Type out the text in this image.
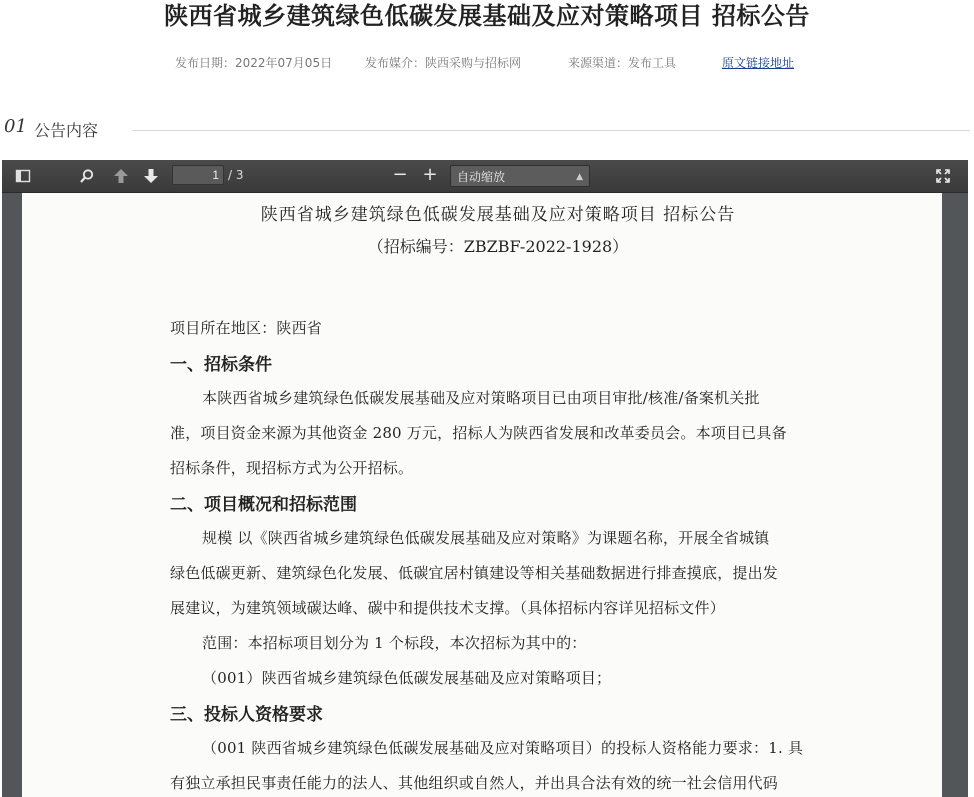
陕西省城乡建筑绿色低碳发展基础及应对策略项目 招标公告
发布日期：2022年07月05日	发布媒介：陕西采购与招标网	来源渠道：发布工具	原文链接地址
01 公告内容
1
/ 3	− +	自动缩放	▲

陕西省城乡建筑绿色低碳发展基础及应对策略项目 招标公告
（招标编号：ZBZBF-2022-1928）
项目所在地区：陕西省
一、招标条件
本陕西省城乡建筑绿色低碳发展基础及应对策略项目已由项目审批/核准/备案机关批
准，项目资金来源为其他资金 280 万元，招标人为陕西省发展和改革委员会。本项目已具备
招标条件，现招标方式为公开招标。
二、项目概况和招标范围
规模 以《陕西省城乡建筑绿色低碳发展基础及应对策略》为课题名称，开展全省城镇
绿色低碳更新、建筑绿色化发展、低碳宜居村镇建设等相关基础数据进行排查摸底，提出发
展建议，为建筑领域碳达峰、碳中和提供技术支撑。（具体招标内容详见招标文件）
范围：本招标项目划分为 1 个标段，本次招标为其中的：
（001）陕西省城乡建筑绿色低碳发展基础及应对策略项目；
三、投标人资格要求
（001 陕西省城乡建筑绿色低碳发展基础及应对策略项目）的投标人资格能力要求：1. 具
有独立承担民事责任能力的法人、其他组织或自然人，并出具合法有效的统一社会信用代码
